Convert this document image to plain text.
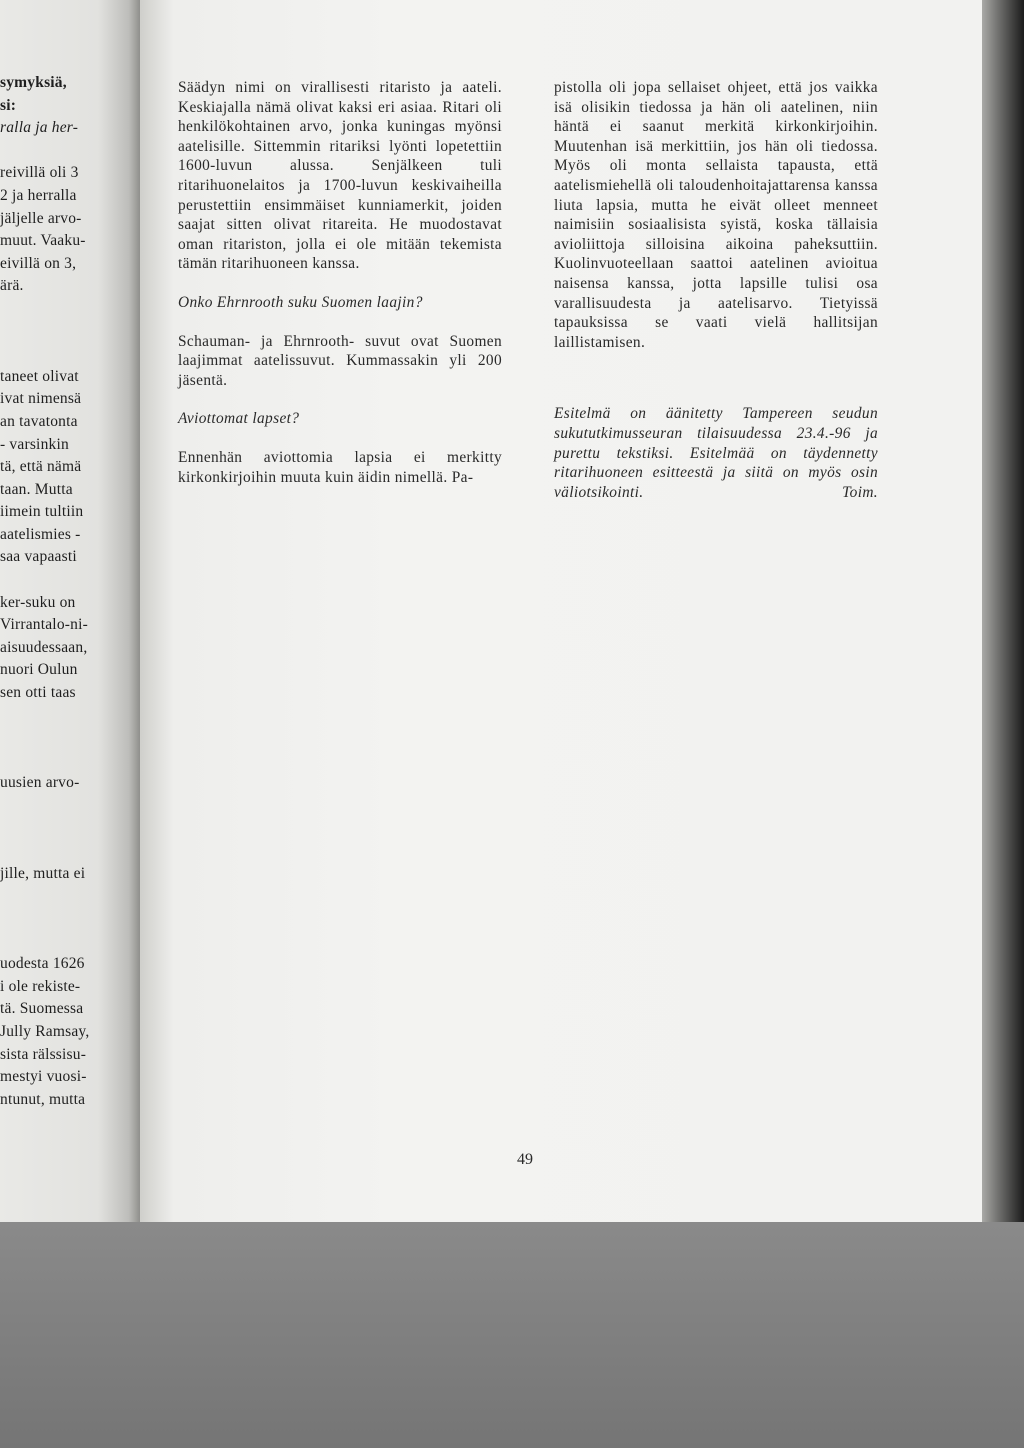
symyksiä,
si:
ralla ja her-

reivillä oli 3
2 ja herralla
jäljelle arvo-
muut. Vaaku-
eivillä on 3,
ärä.

taneet olivat
ivat nimensä
an tavatonta
- varsinkin
tä, että nämä
taan. Mutta
iimein tultiin
aatelismies -
saa vapaasti

ker-suku on
Virrantalo-ni-
aisuudessaan,
nuori Oulun
sen otti taas

uusien arvo-

jille, mutta ei

uodesta 1626
i ole rekiste-
tä. Suomessa
Jully Ramsay,
sista rälssisu-
mestyi vuosi-
ntunut, mutta

Säädyn nimi on virallisesti ritaristo ja aateli. Keskiajalla nämä olivat kaksi eri asiaa. Ritari oli henkilökohtainen arvo, jonka kuningas myönsi aatelisille. Sittemmin ritariksi lyönti lopetettiin 1600-luvun alussa. Senjälkeen tuli ritarihuonelaitos ja 1700-luvun keskivaiheilla perustettiin ensimmäiset kunniamerkit, joiden saajat sitten olivat ritareita. He muodostavat oman ritariston, jolla ei ole mitään tekemista tämän ritarihuoneen kanssa.

Onko Ehrnrooth suku Suomen laajin?

Schauman- ja Ehrnrooth- suvut ovat Suomen laajimmat aatelissuvut. Kummassakin yli 200 jäsentä.

Aviottomat lapset?

Ennenhän aviottomia lapsia ei merkitty kirkonkirjoihin muuta kuin äidin nimellä. Pa-

pistolla oli jopa sellaiset ohjeet, että jos vaikka isä olisikin tiedossa ja hän oli aatelinen, niin häntä ei saanut merkitä kirkonkirjoihin. Muutenhan isä merkittiin, jos hän oli tiedossa. Myös oli monta sellaista tapausta, että aatelismiehellä oli taloudenhoitajattarensa kanssa liuta lapsia, mutta he eivät olleet menneet naimisiin sosiaalisista syistä, koska tällaisia avioliittoja silloisina aikoina paheksuttiin. Kuolinvuoteellaan saattoi aatelinen avioitua naisensa kanssa, jotta lapsille tulisi osa varallisuudesta ja aatelisarvo. Tietyissä tapauksissa se vaati vielä hallitsijan laillistamisen.

Esitelmä on äänitetty Tampereen seudun sukututkimusseuran tilaisuudessa 23.4.-96 ja purettu tekstiksi. Esitelmää on täydennetty ritarihuoneen esitteestä ja siitä on myös osin väliotsikointi.	Toim.

49
